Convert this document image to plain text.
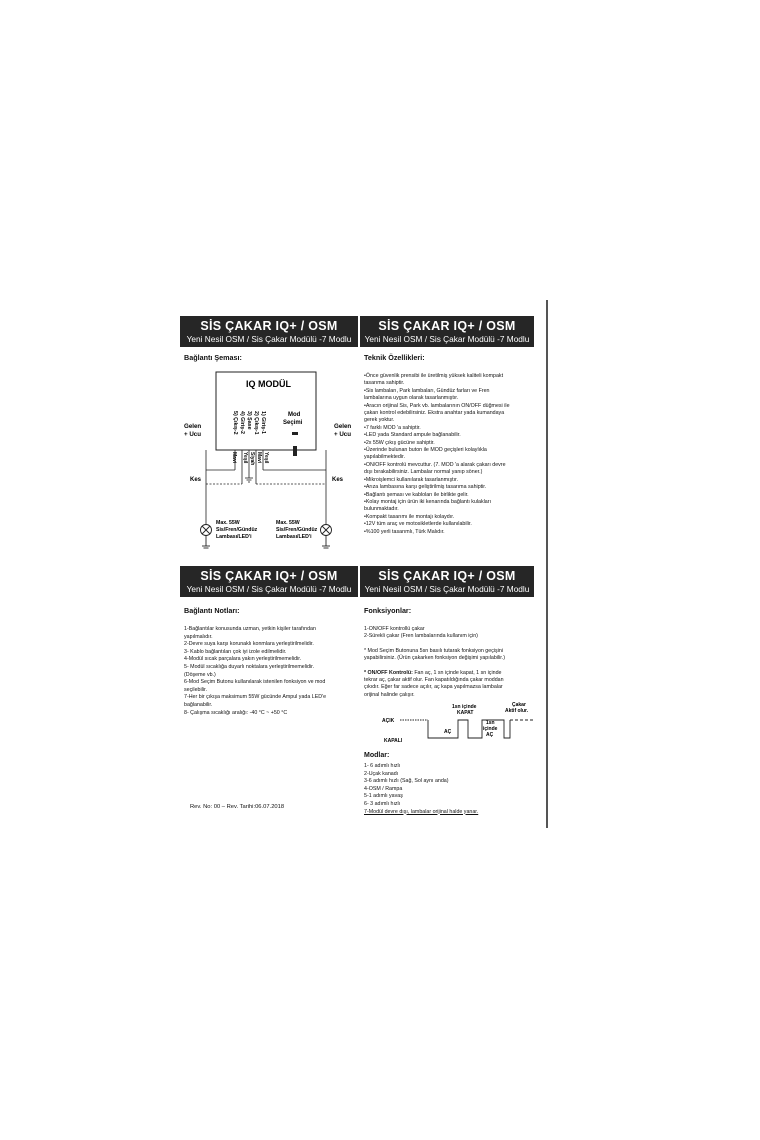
SİS ÇAKAR IQ+ / OSM
Yeni Nesil OSM / Sis Çakar Modülü -7 Modlu
Bağlantı Şeması:
IQ MODÜL
5) Çıkış-2 4) Giriş-2 3) Şase 2) Çıkış-1 1) Giriş-1	Mod
Seçimi
Gelen
+ Ucu
Gelen
+ Ucu
Mavi Yeşil Siyah Mavi Yeşil
Kes	Kes
Max. 55W
Sis/Fren/Gündüz
Lambası/LED'i
Max. 55W
Sis/Fren/Gündüz
Lambası/LED'i
SİS ÇAKAR IQ+ / OSM
Yeni Nesil OSM / Sis Çakar Modülü -7 Modlu
Teknik Özellikleri:
•Önce güvenlik prensibi ile üretilmiş yüksek kaliteli kompakt
tasarıma sahiptir.
•Sis lambaları, Park lambaları, Gündüz farları ve Fren
lambalarına uygun olarak tasarlanmıştır.
•Aracın orijinal Sis, Park vb. lambalarının ON/OFF düğmesi ile
çakarı kontrol edebilirsiniz. Ekstra anahtar yada kumandaya
gerek yoktur.
•7 farklı MOD 'a sahiptir.
•LED yada Standard ampule bağlanabilir.
•2x 55W çıkış gücüne sahiptir.
•Üzerinde bulunan buton ile MOD geçişleri kolaylıkla
yapılabilmektedir.
•ON/OFF kontrolü mevcuttur. (7. MOD 'a alarak çakarı devre
dışı bırakabilirsiniz. Lambalar normal yanıp söner.)
•Mikroişlemci kullanılarak tasarlanmıştır.
•Arıza lambasına karşı geliştirilmiş tasarıma sahiptir.
•Bağlantı şeması ve kabloları ile birlikte gelir.
•Kolay montaj için ürün iki kenarında bağlantı kulakları
bulunmaktadır.
•Kompakt tasarımı ile montajı kolaydır.
•12V tüm araç ve motosikletlerde kullanılabilir.
•%100 yerli tasarımlı, Türk Malıdır.
SİS ÇAKAR IQ+ / OSM
Yeni Nesil OSM / Sis Çakar Modülü -7 Modlu
Bağlantı Notları:
1-Bağlantılar konusunda uzman, yetkin kişiler tarafından
yapılmalıdır.
2-Devre suya karşı korunaklı konmlara yerleştirilmelidir.
3- Kablo bağlantıları çok iyi izole edilmelidir.
4-Modül sıcak parçalara yakın yerleştirilmemelidir.
5- Modül sıcaklığa duyarlı noktalara yerleştirilmemelidir.
(Döşeme vb.)
6-Mod Seçim Butonu kullanılarak istenilen fonksiyon ve mod
seçilebilir.
7-Her bir çıkışa maksimum 55W gücünde Ampul yada LED'e
bağlanabilir.
8- Çalışma sıcaklığı aralığı: -40 °C ~ +50 °C
SİS ÇAKAR IQ+ / OSM
Yeni Nesil OSM / Sis Çakar Modülü -7 Modlu
Fonksiyonlar:
1-ON/OFF kontrollü çakar
2-Sürekli çakar (Fren lambalarında kullanım için)
* Mod Seçim Butonuna 5sn basılı tutarak fonksiyon geçişini
yapabilirsiniz. (Ürün çakarken fonksiyon değişimi yapılabilir.)
* ON/OFF Kontrolü: Fan aç, 1 sn içinde kapat, 1 sn içinde
tekrar aç, çakar aktif olur. Fan kapatıldığında çakar moddan
çıkıdır. Eğer far sadece açılır, aç kapa yapılmazsa lambalar
orijinal halinde çalışır.
AÇIK
KAPALI
AÇ
1sn içinde
KAPAT
1sn
içinde
AÇ
Çakar
Aktif olur.
Modlar:
1- 6 adımlı hızlı
2-Uçak kanadı
3-6 adımlı hızlı (Sağ, Sol aynı anda)
4-OSM / Rampa
5-1 adımlı yavaş
6- 3 adımlı hızlı
7-Modül devre dışı, lambalar orijinal halde yanar.
Rev. No: 00 – Rev. Tarihi:06.07.2018
